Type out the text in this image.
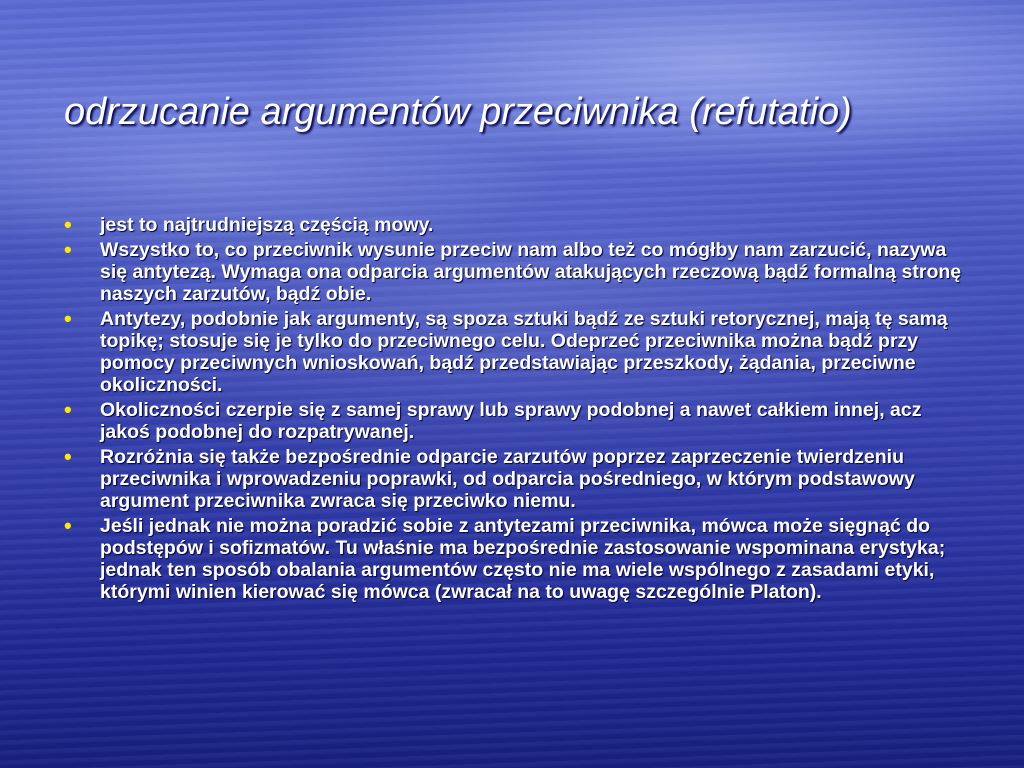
odrzucanie argumentów przeciwnika (refutatio)
• jest to najtrudniejszą częścią mowy.
• Wszystko to, co przeciwnik wysunie przeciw nam albo też co mógłby nam zarzucić, nazywa się antytezą. Wymaga ona odparcia argumentów atakujących rzeczową bądź formalną stronę naszych zarzutów, bądź obie.
• Antytezy, podobnie jak argumenty, są spoza sztuki bądź ze sztuki retorycznej, mają tę samą topikę; stosuje się je tylko do przeciwnego celu. Odeprzeć przeciwnika można bądź przy pomocy przeciwnych wnioskowań, bądź przedstawiając przeszkody, żądania, przeciwne okoliczności.
• Okoliczności czerpie się z samej sprawy lub sprawy podobnej a nawet całkiem innej, acz jakoś podobnej do rozpatrywanej.
• Rozróżnia się także bezpośrednie odparcie zarzutów poprzez zaprzeczenie twierdzeniu przeciwnika i wprowadzeniu poprawki, od odparcia pośredniego, w którym podstawowy argument przeciwnika zwraca się przeciwko niemu.
• Jeśli jednak nie można poradzić sobie z antytezami przeciwnika, mówca może sięgnąć do podstępów i sofizmatów. Tu właśnie ma bezpośrednie zastosowanie wspominana erystyka; jednak ten sposób obalania argumentów często nie ma wiele wspólnego z zasadami etyki, którymi winien kierować się mówca (zwracał na to uwagę szczególnie Platon).
